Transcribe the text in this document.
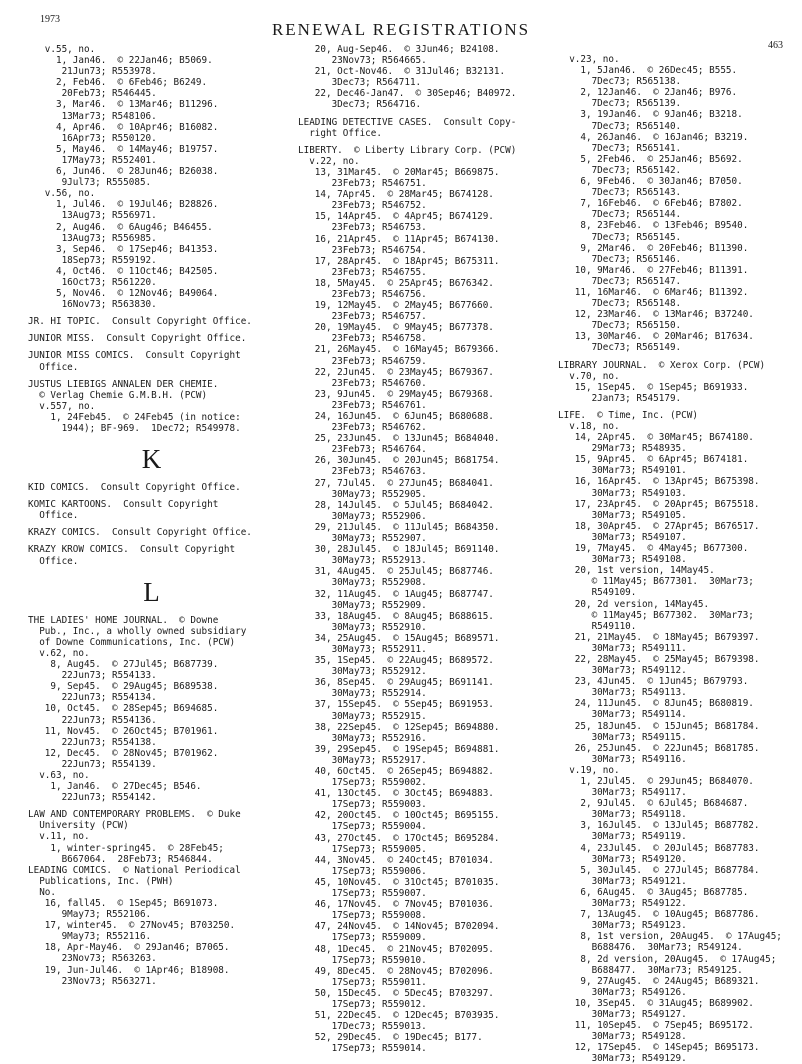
1973
RENEWAL REGISTRATIONS
463
v.55, no.
1, Jan46.  © 22Jan46; B5069.
21Jun73; R553978.
2, Feb46.  © 6Feb46; B6249.
20Feb73; R546445.
3, Mar46.  © 13Mar46; B11296.
13Mar73; R548106.
4, Apr46.  © 10Apr46; B16082.
16Apr73; R550120.
5, May46.  © 14May46; B19757.
17May73; R552401.
6, Jun46.  © 28Jun46; B26038.
9Jul73; R555085.
v.56, no.
1, Jul46.  © 19Jul46; B28826.
13Aug73; R556971.
2, Aug46.  © 6Aug46; B46455.
13Aug73; R556985.
3, Sep46.  © 17Sep46; B41353.
18Sep73; R559192.
4, Oct46.  © 11Oct46; B42505.
16Oct73; R561220.
5, Nov46.  © 12Nov46; B49064.
16Nov73; R563830.
JR. HI TOPIC.  Consult Copyright Office.
JUNIOR MISS.  Consult Copyright Office.
JUNIOR MISS COMICS.  Consult Copyright
Office.
JUSTUS LIEBIGS ANNALEN DER CHEMIE.
© Verlag Chemie G.M.B.H. (PCW)
v.557, no.
1, 24Feb45.  © 24Feb45 (in notice:
1944); BF-969.  1Dec72; R549978.
K
KID COMICS.  Consult Copyright Office.
KOMIC KARTOONS.  Consult Copyright
Office.
KRAZY COMICS.  Consult Copyright Office.
KRAZY KROW COMICS.  Consult Copyright
Office.
L
THE LADIES' HOME JOURNAL.  © Downe
Pub., Inc., a wholly owned subsidiary
of Downe Communications, Inc. (PCW)
v.62, no.
8, Aug45.  © 27Jul45; B687739.
22Jun73; R554133.
9, Sep45.  © 29Aug45; B689538.
22Jun73; R554134.
10, Oct45.  © 28Sep45; B694685.
22Jun73; R554136.
11, Nov45.  © 26Oct45; B701961.
22Jun73; R554138.
12, Dec45.  © 28Nov45; B701962.
22Jun73; R554139.
v.63, no.
1, Jan46.  © 27Dec45; B546.
22Jun73; R554142.
LAW AND CONTEMPORARY PROBLEMS.  © Duke
University (PCW)
v.11, no.
1, winter-spring45.  © 28Feb45;
B667064.  28Feb73; R546844.
LEADING COMICS.  © National Periodical
Publications, Inc. (PWH)
No.
16, fall45.  © 1Sep45; B691073.
9May73; R552106.
17, winter45.  © 27Nov45; B703250.
9May73; R552116.
18, Apr-May46.  © 29Jan46; B7065.
23Nov73; R563263.
19, Jun-Jul46.  © 1Apr46; B18908.
23Nov73; R563271.
20, Aug-Sep46.  © 3Jun46; B24108.
23Nov73; R564665.
21, Oct-Nov46.  © 31Jul46; B32131.
3Dec73; R564711.
22, Dec46-Jan47.  © 30Sep46; B40972.
3Dec73; R564716.
LEADING DETECTIVE CASES.  Consult Copy-
right Office.
LIBERTY.  © Liberty Library Corp. (PCW)
v.22, no.
13, 31Mar45.  © 20Mar45; B669875.
23Feb73; R546751.
14, 7Apr45.  © 28Mar45; B674128.
23Feb73; R546752.
15, 14Apr45.  © 4Apr45; B674129.
23Feb73; R546753.
16, 21Apr45.  © 11Apr45; B674130.
23Feb73; R546754.
17, 28Apr45.  © 18Apr45; B675311.
23Feb73; R546755.
18, 5May45.  © 25Apr45; B676342.
23Feb73; R546756.
19, 12May45.  © 2May45; B677660.
23Feb73; R546757.
20, 19May45.  © 9May45; B677378.
23Feb73; R546758.
21, 26May45.  © 16May45; B679366.
23Feb73; R546759.
22, 2Jun45.  © 23May45; B679367.
23Feb73; R546760.
23, 9Jun45.  © 29May45; B679368.
23Feb73; R546761.
24, 16Jun45.  © 6Jun45; B680688.
23Feb73; R546762.
25, 23Jun45.  © 13Jun45; B684040.
23Feb73; R546764.
26, 30Jun45.  © 20Jun45; B681754.
23Feb73; R546763.
27, 7Jul45.  © 27Jun45; B684041.
30May73; R552905.
28, 14Jul45.  © 5Jul45; B684042.
30May73; R552906.
29, 21Jul45.  © 11Jul45; B684350.
30May73; R552907.
30, 28Jul45.  © 18Jul45; B691140.
30May73; R552913.
31, 4Aug45.  © 25Jul45; B687746.
30May73; R552908.
32, 11Aug45.  © 1Aug45; B687747.
30May73; R552909.
33, 18Aug45.  © 8Aug45; B688615.
30May73; R552910.
34, 25Aug45.  © 15Aug45; B689571.
30May73; R552911.
35, 1Sep45.  © 22Aug45; B689572.
30May73; R552912.
36, 8Sep45.  © 29Aug45; B691141.
30May73; R552914.
37, 15Sep45.  © 5Sep45; B691953.
30May73; R552915.
38, 22Sep45.  © 12Sep45; B694880.
30May73; R552916.
39, 29Sep45.  © 19Sep45; B694881.
30May73; R552917.
40, 6Oct45.  © 26Sep45; B694882.
17Sep73; R559002.
41, 13Oct45.  © 3Oct45; B694883.
17Sep73; R559003.
42, 20Oct45.  © 10Oct45; B695155.
17Sep73; R559004.
43, 27Oct45.  © 17Oct45; B695284.
17Sep73; R559005.
44, 3Nov45.  © 24Oct45; B701034.
17Sep73; R559006.
45, 10Nov45.  © 31Oct45; B701035.
17Sep73; R559007.
46, 17Nov45.  © 7Nov45; B701036.
17Sep73; R559008.
47, 24Nov45.  © 14Nov45; B702094.
17Sep73; R559009.
48, 1Dec45.  © 21Nov45; B702095.
17Sep73; R559010.
49, 8Dec45.  © 28Nov45; B702096.
17Sep73; R559011.
50, 15Dec45.  © 5Dec45; B703297.
17Sep73; R559012.
51, 22Dec45.  © 12Dec45; B703935.
17Dec73; R559013.
52, 29Dec45.  © 19Dec45; B177.
17Sep73; R559014.
v.23, no.
1, 5Jan46.  © 26Dec45; B555.
7Dec73; R565138.
2, 12Jan46.  © 2Jan46; B976.
7Dec73; R565139.
3, 19Jan46.  © 9Jan46; B3218.
7Dec73; R565140.
4, 26Jan46.  © 16Jan46; B3219.
7Dec73; R565141.
5, 2Feb46.  © 25Jan46; B5692.
7Dec73; R565142.
6, 9Feb46.  © 30Jan46; B7050.
7Dec73; R565143.
7, 16Feb46.  © 6Feb46; B7802.
7Dec73; R565144.
8, 23Feb46.  © 13Feb46; B9540.
7Dec73; R565145.
9, 2Mar46.  © 20Feb46; B11390.
7Dec73; R565146.
10, 9Mar46.  © 27Feb46; B11391.
7Dec73; R565147.
11, 16Mar46.  © 6Mar46; B11392.
7Dec73; R565148.
12, 23Mar46.  © 13Mar46; B37240.
7Dec73; R565150.
13, 30Mar46.  © 20Mar46; B17634.
7Dec73; R565149.
LIBRARY JOURNAL.  © Xerox Corp. (PCW)
v.70, no.
15, 1Sep45.  © 1Sep45; B691933.
2Jan73; R545179.
LIFE.  © Time, Inc. (PCW)
v.18, no.
14, 2Apr45.  © 30Mar45; B674180.
29Mar73; R548935.
15, 9Apr45.  © 6Apr45; B674181.
30Mar73; R549101.
16, 16Apr45.  © 13Apr45; B675398.
30Mar73; R549103.
17, 23Apr45.  © 20Apr45; B675518.
30Mar73; R549105.
18, 30Apr45.  © 27Apr45; B676517.
30Mar73; R549107.
19, 7May45.  © 4May45; B677300.
30Mar73; R549108.
20, 1st version, 14May45.
© 11May45; B677301.  30Mar73;
R549109.
20, 2d version, 14May45.
© 11May45; B677302.  30Mar73;
R549110.
21, 21May45.  © 18May45; B679397.
30Mar73; R549111.
22, 28May45.  © 25May45; B679398.
30Mar73; R549112.
23, 4Jun45.  © 1Jun45; B679793.
30Mar73; R549113.
24, 11Jun45.  © 8Jun45; B680819.
30Mar73; R549114.
25, 18Jun45.  © 15Jun45; B681784.
30Mar73; R549115.
26, 25Jun45.  © 22Jun45; B681785.
30Mar73; R549116.
v.19, no.
1, 2Jul45.  © 29Jun45; B684070.
30Mar73; R549117.
2, 9Jul45.  © 6Jul45; B684687.
30Mar73; R549118.
3, 16Jul45.  © 13Jul45; B687782.
30Mar73; R549119.
4, 23Jul45.  © 20Jul45; B687783.
30Mar73; R549120.
5, 30Jul45.  © 27Jul45; B687784.
30Mar73; R549121.
6, 6Aug45.  © 3Aug45; B687785.
30Mar73; R549122.
7, 13Aug45.  © 10Aug45; B687786.
30Mar73; R549123.
8, 1st version, 20Aug45.  © 17Aug45;
B688476.  30Mar73; R549124.
8, 2d version, 20Aug45.  © 17Aug45;
B688477.  30Mar73; R549125.
9, 27Aug45.  © 24Aug45; B689321.
30Mar73; R549126.
10, 3Sep45.  © 31Aug45; B689902.
30Mar73; R549127.
11, 10Sep45.  © 7Sep45; B695172.
30Mar73; R549128.
12, 17Sep45.  © 14Sep45; B695173.
30Mar73; R549129.
